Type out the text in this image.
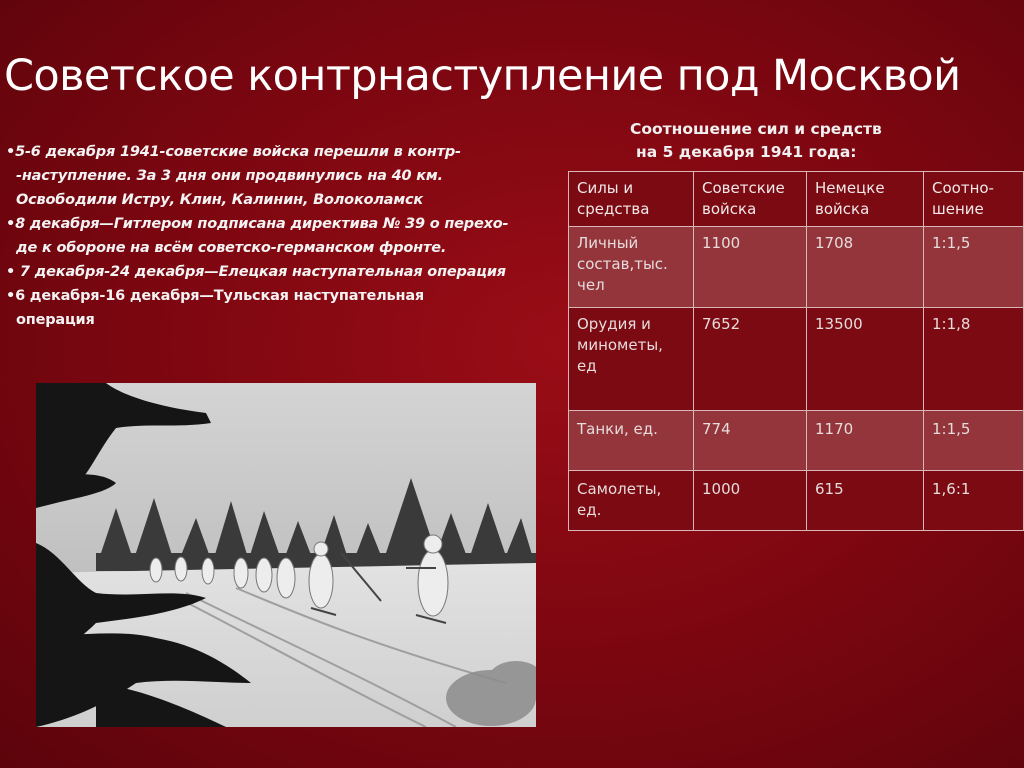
Советское контрнаступление под Москвой
•5-6 декабря 1941-советские войска перешли в контр-
-наступление. За 3 дня они продвинулись на 40 км.
Освободили Истру, Клин, Калинин, Волоколамск
•8 декабря—Гитлером подписана директива № 39 о перехо-
де к обороне на всём советско-германском фронте.
• 7 декабря-24 декабря—Елецкая наступательная операция
•6 декабря-16 декабря—Тульская наступательная
операция
Соотношение сил и средств
на 5 декабря 1941 года:
Силы и средства	Советские войска	Немецке войска	Соотно-шение
Личный состав,тыс. чел	1100	1708	1:1,5
Орудия и минометы, ед	7652	13500	1:1,8
Танки, ед.	774	1170	1:1,5
Самолеты, ед.	1000	615	1,6:1
